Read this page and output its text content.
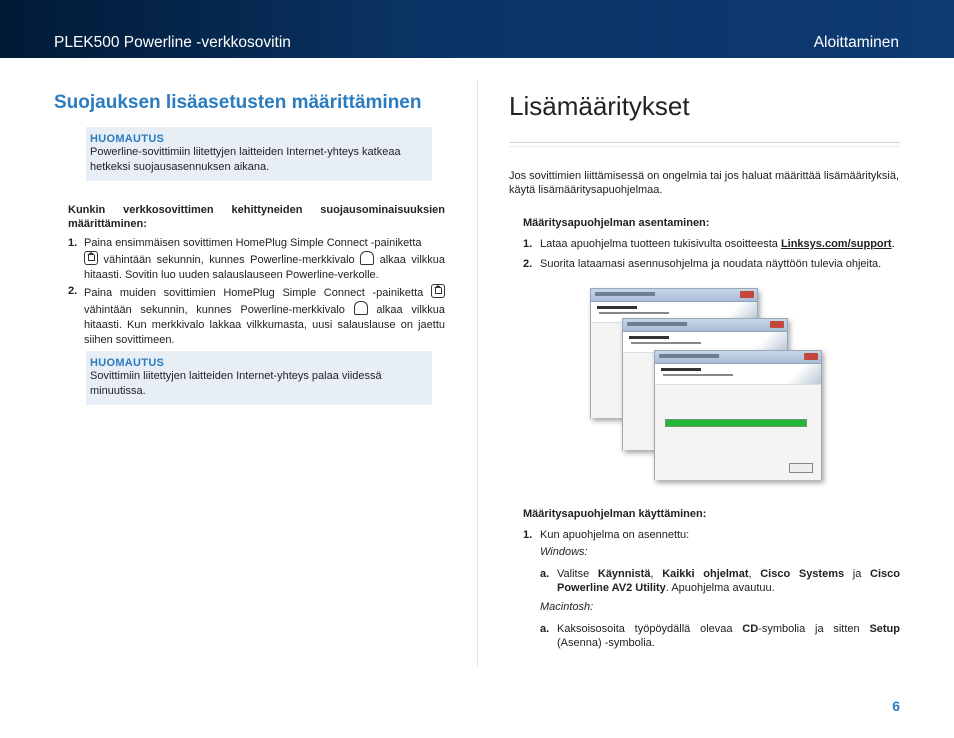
PLEK500 Powerline -verkkosovitin	Aloittaminen
Suojauksen lisäasetusten määrittäminen
HUOMAUTUS
Powerline-sovittimiin liitettyjen laitteiden Internet-yhteys katkeaa
hetkeksi suojausasennuksen aikana.
Kunkin verkkosovittimen kehittyneiden suojausominaisuuksien määrittäminen:
1. Paina ensimmäisen sovittimen HomePlug Simple Connect -painiketta
vähintään sekunnin, kunnes Powerline-merkkivalo alkaa vilkkua hitaasti. Sovitin luo uuden salauslauseen Powerline-verkolle.
2. Paina muiden sovittimien HomePlug Simple Connect -painiketta  vähintään sekunnin, kunnes Powerline-merkkivalo	alkaa vilkkua hitaasti. Kun merkkivalo lakkaa vilkkumasta, uusi salauslause on jaettu siihen sovittimeen.
HUOMAUTUS
Sovittimiin liitettyjen laitteiden Internet-yhteys palaa viidessä
minuutissa.
Lisämääritykset
Jos sovittimien liittämisessä on ongelmia tai jos haluat määrittää lisämäärityksiä, käytä lisämääritysapuohjelmaa.
Määritysapuohjelman asentaminen:
1. Lataa apuohjelma tuotteen tukisivulta osoitteesta Linksys.com/support.
2. Suorita lataamasi asennusohjelma ja noudata näyttöön tulevia ohjeita.
Määritysapuohjelman käyttäminen:
1. Kun apuohjelma on asennettu:
Windows:
a. Valitse Käynnistä, Kaikki ohjelmat, Cisco Systems ja Cisco Powerline AV2 Utility. Apuohjelma avautuu.
Macintosh:
a. Kaksoisosoita työpöydällä olevaa CD-symbolia ja sitten Setup (Asenna) -symbolia.
6
